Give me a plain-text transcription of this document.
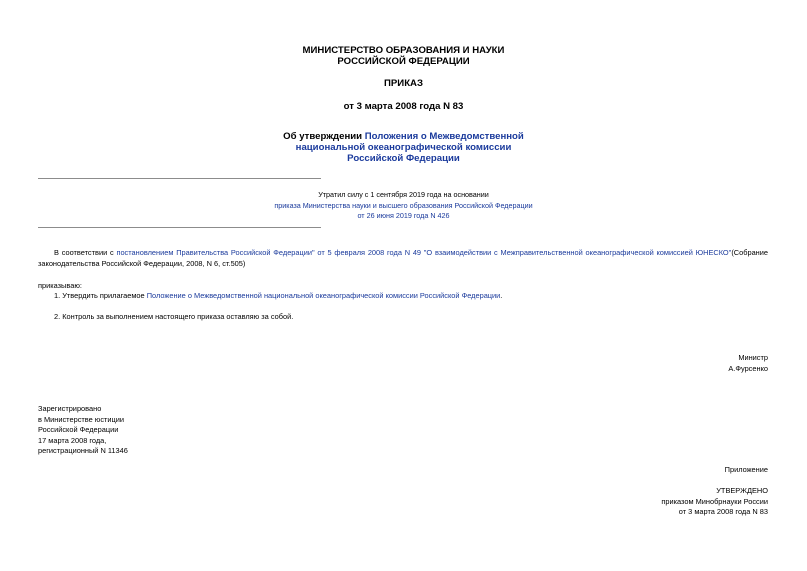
МИНИСТЕРСТВО ОБРАЗОВАНИЯ И НАУКИ
РОССИЙСКОЙ ФЕДЕРАЦИИ
ПРИКАЗ
от 3 марта 2008 года N 83
Об утверждении Положения о Межведомственной
национальной океанографической комиссии
Российской Федерации
Утратил силу с 1 сентября 2019 года на основании
приказа Министерства науки и высшего образования Российской Федерации
от 26 июня 2019 года N 426
В соответствии с постановлением Правительства Российской Федерации" от 5 февраля 2008 года N 49 "О взаимодействии с Межправительственной океанографической комиссией ЮНЕСКО"(Собрание законодательства Российской Федерации, 2008, N 6, ст.505)
приказываю:
1. Утвердить прилагаемое Положение о Межведомственной национальной океанографической комиссии Российской Федерации.
2. Контроль за выполнением настоящего приказа оставляю за собой.
Министр
А.Фурсенко
Зарегистрировано
в Министерстве юстиции
Российской Федерации
17 марта 2008 года,
регистрационный N 11346
Приложение
УТВЕРЖДЕНО
приказом Минобрнауки России
от 3 марта 2008 года N 83
